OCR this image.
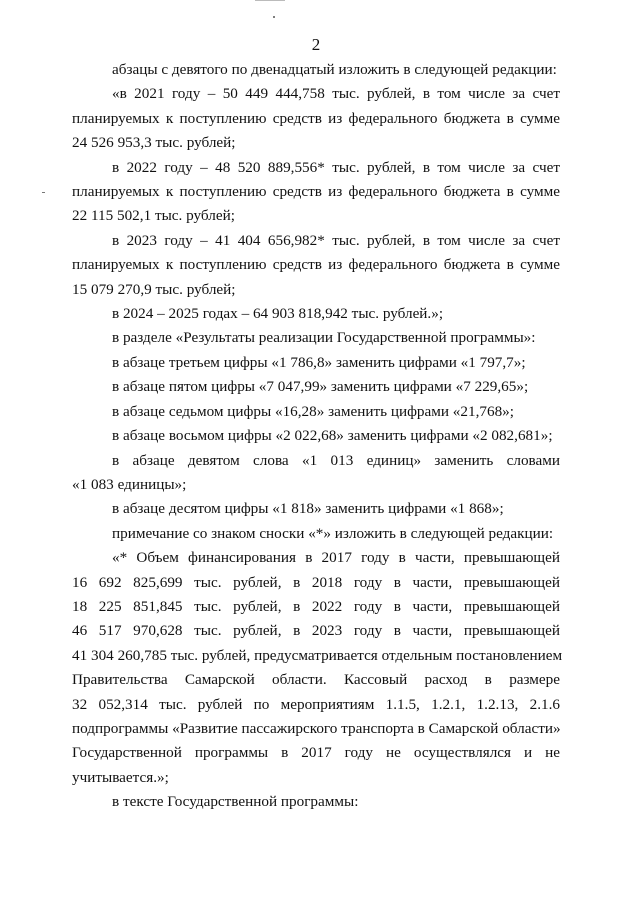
2
абзацы с девятого по двенадцатый изложить в следующей редакции:
«в 2021 году – 50 449 444,758 тыс. рублей, в том числе за счет
планируемых к поступлению средств из федерального бюджета в сумме
24 526 953,3 тыс. рублей;
в 2022 году – 48 520 889,556* тыс. рублей, в том числе за счет
планируемых к поступлению средств из федерального бюджета в сумме
22 115 502,1 тыс. рублей;
в 2023 году – 41 404 656,982* тыс. рублей, в том числе за счет
планируемых к поступлению средств из федерального бюджета в сумме
15 079 270,9 тыс. рублей;
в 2024 – 2025 годах – 64 903 818,942 тыс. рублей.»;
в разделе «Результаты реализации Государственной программы»:
в абзаце третьем цифры «1 786,8» заменить цифрами «1 797,7»;
в абзаце пятом цифры «7 047,99» заменить цифрами «7 229,65»;
в абзаце седьмом цифры «16,28» заменить цифрами «21,768»;
в абзаце восьмом цифры «2 022,68» заменить цифрами «2 082,681»;
в абзаце девятом слова «1 013 единиц» заменить словами
«1 083 единицы»;
в абзаце десятом цифры «1 818» заменить цифрами «1 868»;
примечание со знаком сноски «*» изложить в следующей редакции:
«* Объем финансирования в 2017 году в части, превышающей
16 692 825,699 тыс. рублей, в 2018 году в части, превышающей
18 225 851,845 тыс. рублей, в 2022 году в части, превышающей
46 517 970,628 тыс. рублей, в 2023 году в части, превышающей
41 304 260,785 тыс. рублей, предусматривается отдельным постановлением
Правительства Самарской области. Кассовый расход в размере
32 052,314 тыс. рублей по мероприятиям 1.1.5, 1.2.1, 1.2.13, 2.1.6
подпрограммы «Развитие пассажирского транспорта в Самарской области»
Государственной программы в 2017 году не осуществлялся и не
учитывается.»;
в тексте Государственной программы:
